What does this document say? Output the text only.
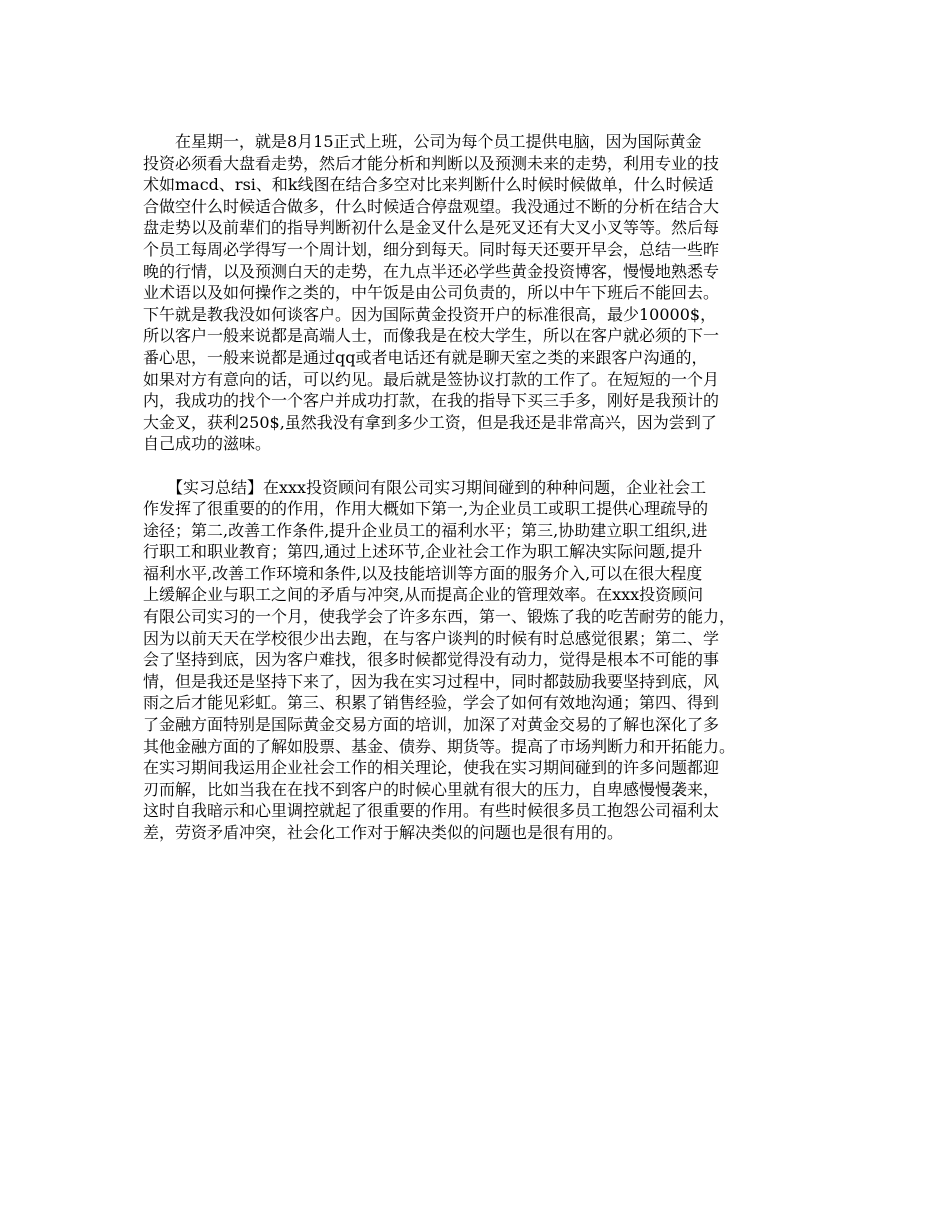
　　在星期一，就是8月15正式上班，公司为每个员工提供电脑，因为国际黄金
投资必须看大盘看走势，然后才能分析和判断以及预测未来的走势，利用专业的技
术如macd、rsi、和k线图在结合多空对比来判断什么时候时候做单，什么时候适
合做空什么时候适合做多，什么时候适合停盘观望。我没通过不断的分析在结合大
盘走势以及前辈们的指导判断初什么是金叉什么是死叉还有大叉小叉等等。然后每
个员工每周必学得写一个周计划，细分到每天。同时每天还要开早会，总结一些昨
晚的行情，以及预测白天的走势，在九点半还必学些黄金投资博客，慢慢地熟悉专
业术语以及如何操作之类的，中午饭是由公司负责的，所以中午下班后不能回去。
下午就是教我没如何谈客户。因为国际黄金投资开户的标准很高，最少10000$，
所以客户一般来说都是高端人士，而像我是在校大学生，所以在客户就必须的下一
番心思，一般来说都是通过qq或者电话还有就是聊天室之类的来跟客户沟通的，
如果对方有意向的话，可以约见。最后就是签协议打款的工作了。在短短的一个月
内，我成功的找个一个客户并成功打款，在我的指导下买三手多，刚好是我预计的
大金叉，获利250$,虽然我没有拿到多少工资，但是我还是非常高兴，因为尝到了
自己成功的滋味。

　　【实习总结】在xxx投资顾问有限公司实习期间碰到的种种问题，企业社会工
作发挥了很重要的的作用，作用大概如下第一,为企业员工或职工提供心理疏导的
途径；第二,改善工作条件,提升企业员工的福利水平；第三,协助建立职工组织,进
行职工和职业教育；第四,通过上述环节,企业社会工作为职工解决实际问题,提升
福利水平,改善工作环境和条件,以及技能培训等方面的服务介入,可以在很大程度
上缓解企业与职工之间的矛盾与冲突,从而提高企业的管理效率。在xxx投资顾问
有限公司实习的一个月，使我学会了许多东西，第一、锻炼了我的吃苦耐劳的能力，
因为以前天天在学校很少出去跑，在与客户谈判的时候有时总感觉很累；第二、学
会了坚持到底，因为客户难找，很多时候都觉得没有动力，觉得是根本不可能的事
情，但是我还是坚持下来了，因为我在实习过程中，同时都鼓励我要坚持到底，风
雨之后才能见彩虹。第三、积累了销售经验，学会了如何有效地沟通；第四、得到
了金融方面特别是国际黄金交易方面的培训，加深了对黄金交易的了解也深化了多
其他金融方面的了解如股票、基金、债券、期货等。提高了市场判断力和开拓能力。
在实习期间我运用企业社会工作的相关理论，使我在实习期间碰到的许多问题都迎
刃而解，比如当我在在找不到客户的时候心里就有很大的压力，自卑感慢慢袭来，
这时自我暗示和心里调控就起了很重要的作用。有些时候很多员工抱怨公司福利太
差，劳资矛盾冲突，社会化工作对于解决类似的问题也是很有用的。
